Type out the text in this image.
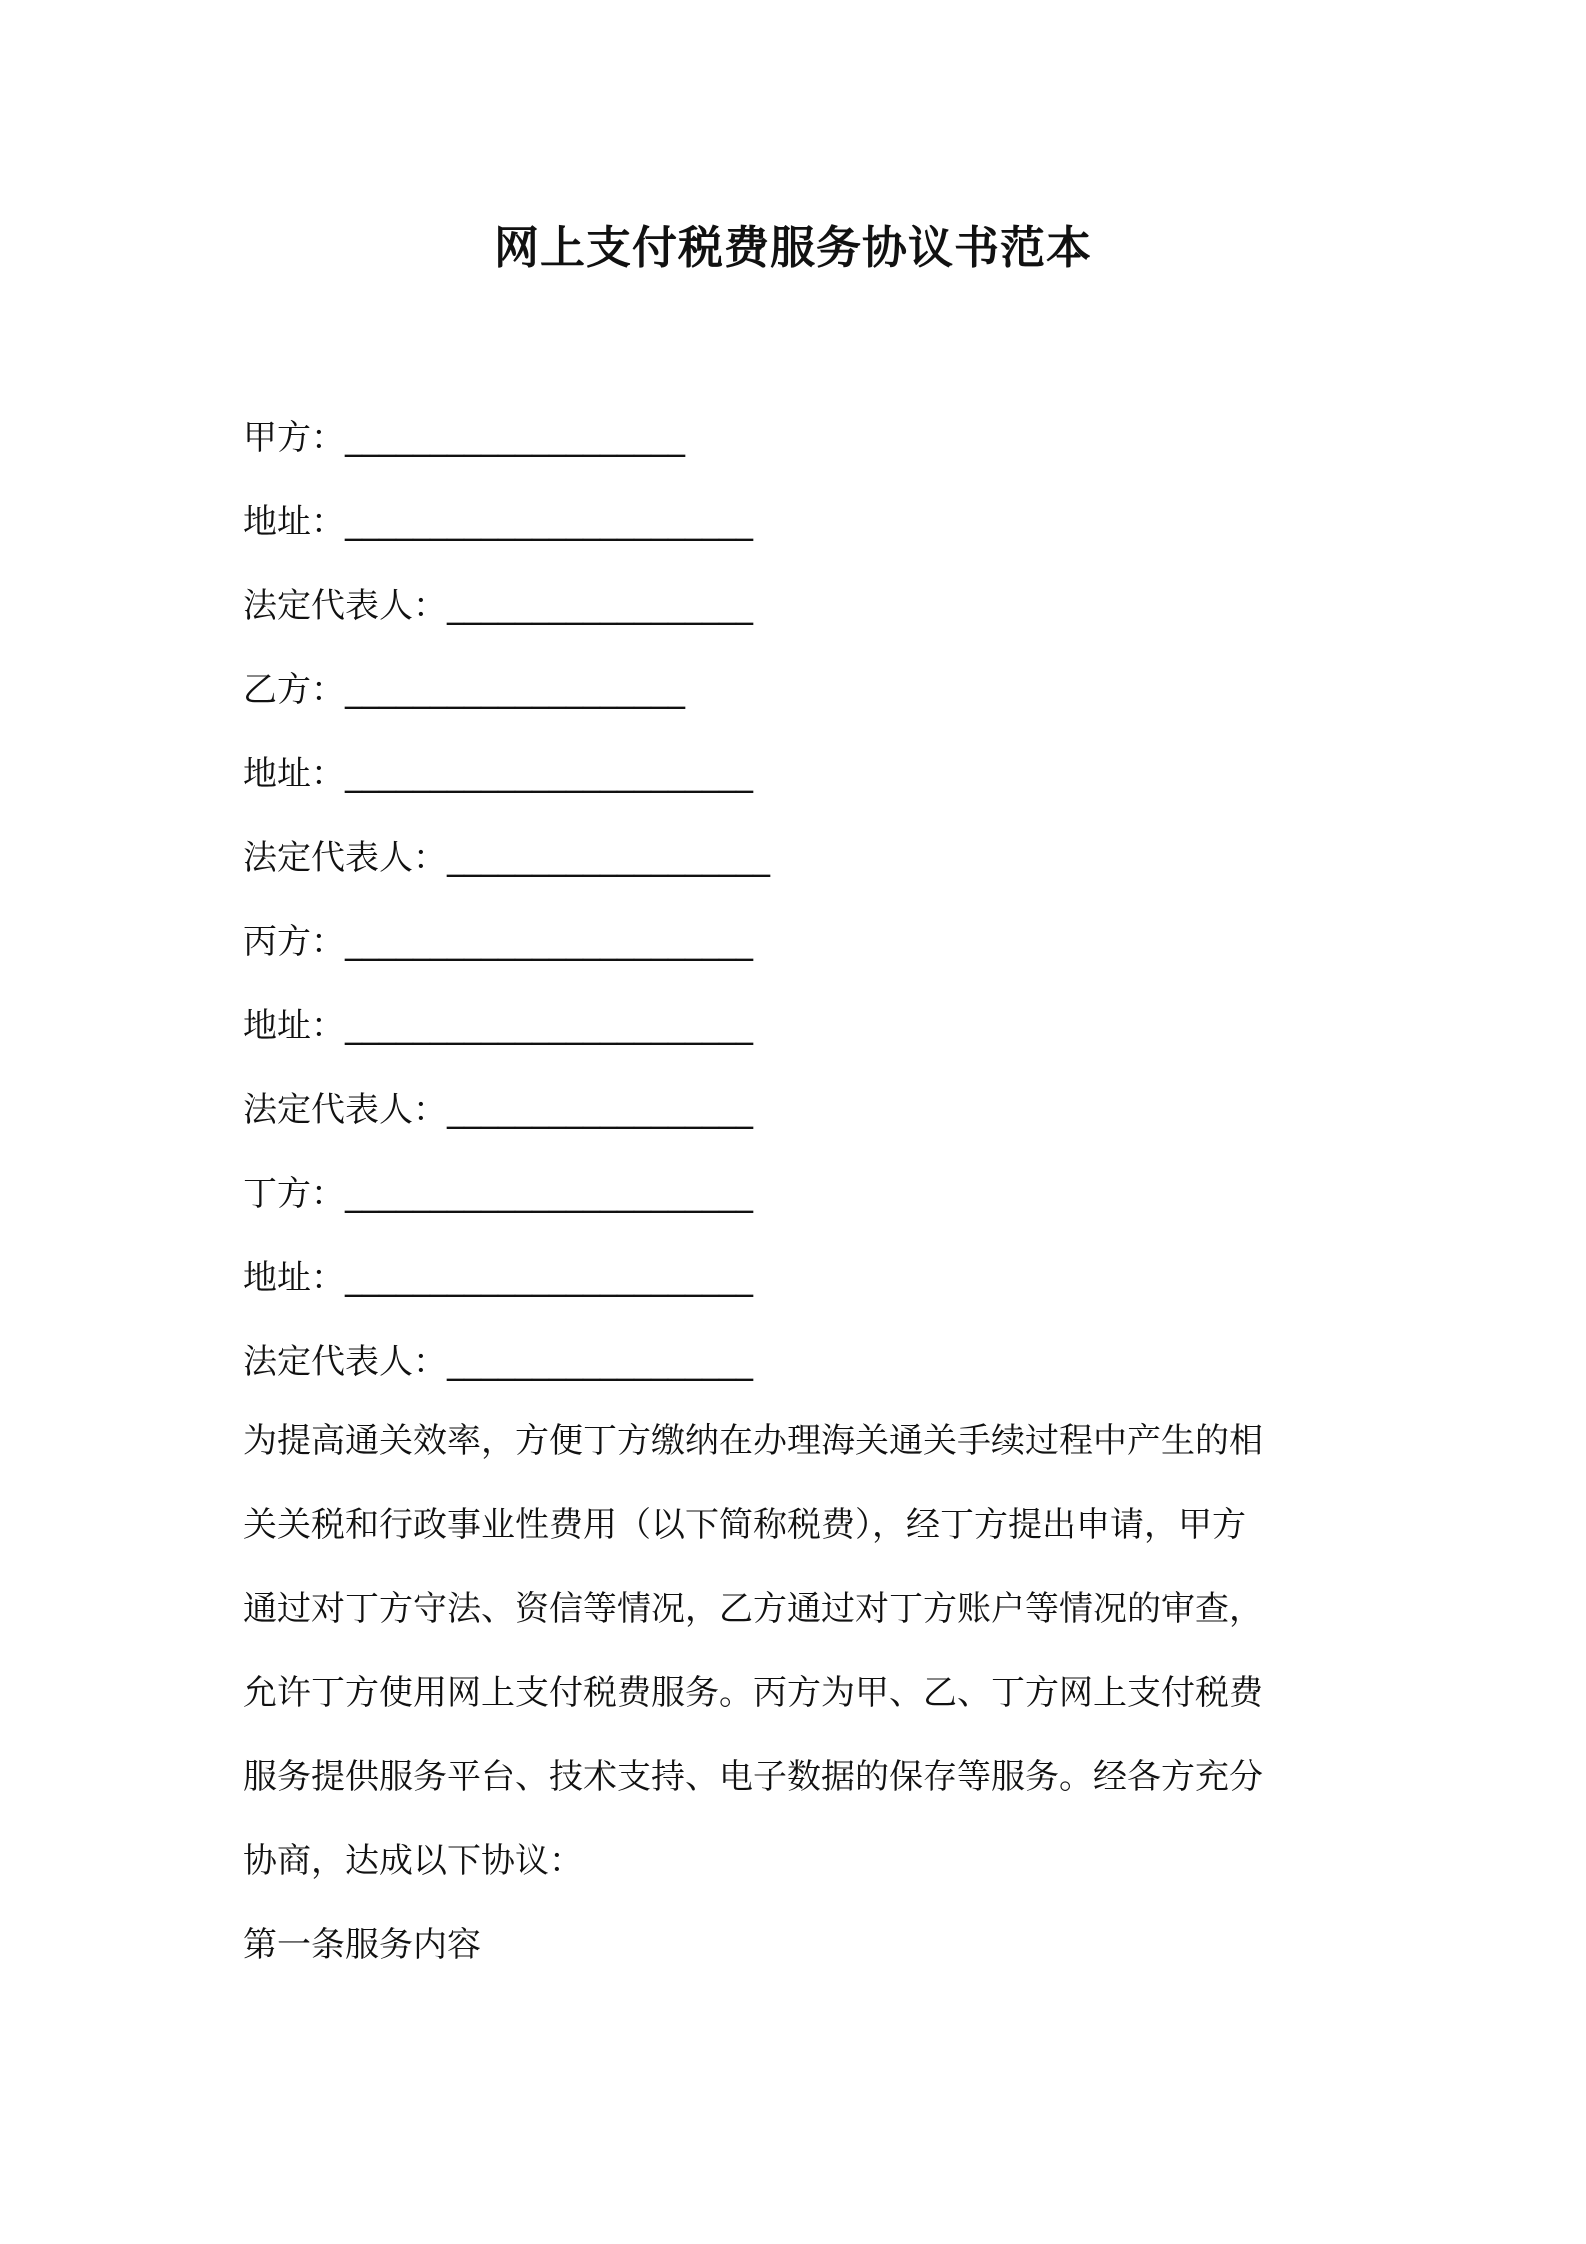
网上支付税费服务协议书范本
甲方：____________________
地址：________________________
法定代表人：__________________
乙方：____________________
地址：________________________
法定代表人：___________________
丙方：________________________
地址：________________________
法定代表人：__________________
丁方：________________________
地址：________________________
法定代表人：__________________
为提高通关效率，方便丁方缴纳在办理海关通关手续过程中产生的相
关关税和行政事业性费用（以下简称税费），经丁方提出申请，甲方
通过对丁方守法、资信等情况，乙方通过对丁方账户等情况的审查，
允许丁方使用网上支付税费服务。丙方为甲、乙、丁方网上支付税费
服务提供服务平台、技术支持、电子数据的保存等服务。经各方充分
协商，达成以下协议：
第一条服务内容
